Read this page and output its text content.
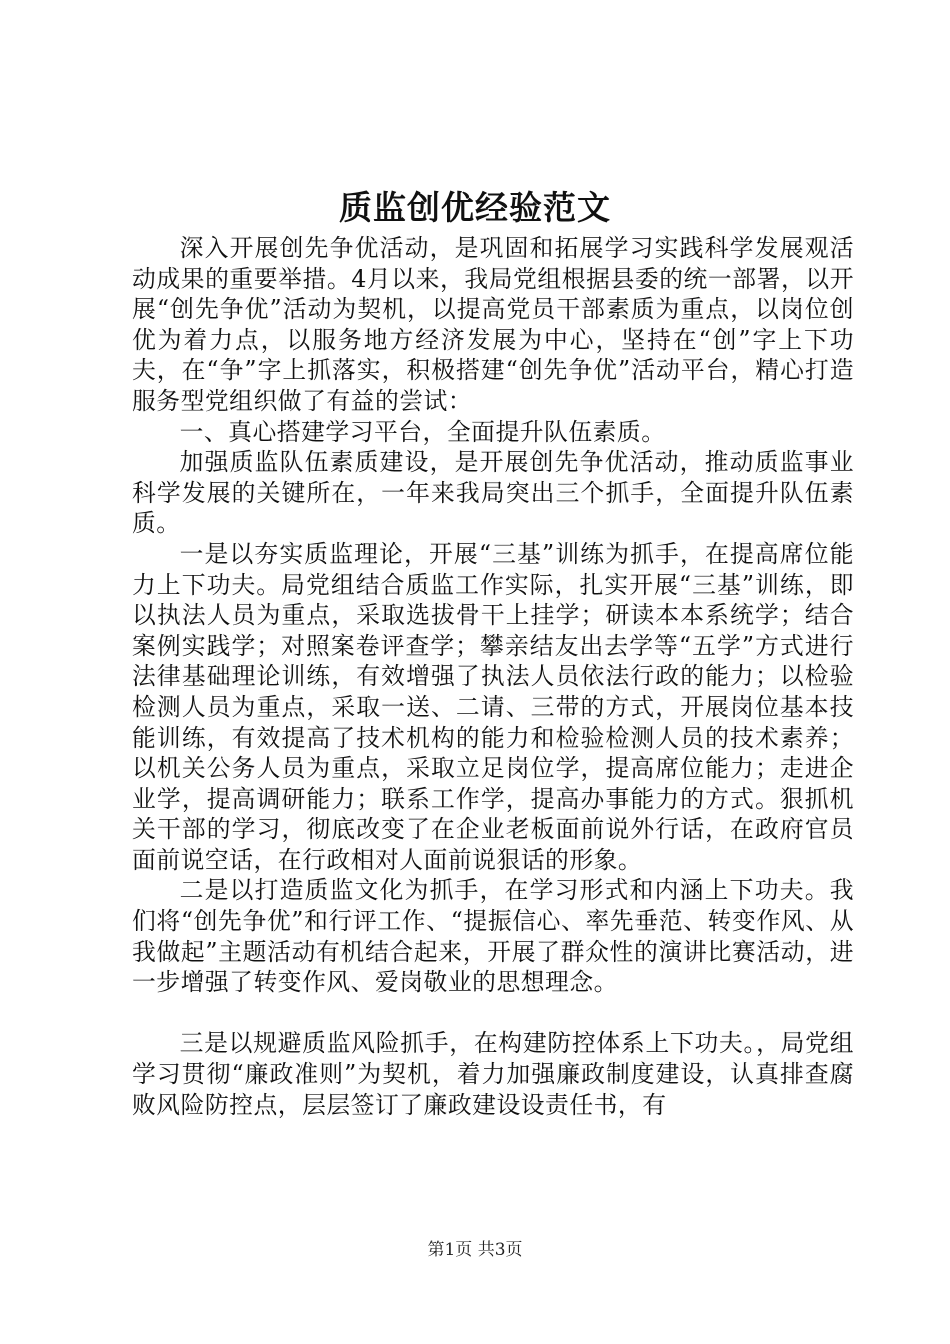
质监创优经验范文

深入开展创先争优活动，是巩固和拓展学习实践科学发展观活动成果的重要举措。4月以来，我局党组根据县委的统一部署，以开展“创先争优”活动为契机，以提高党员干部素质为重点，以岗位创优为着力点，以服务地方经济发展为中心，坚持在“创”字上下功夫，在“争”字上抓落实，积极搭建“创先争优”活动平台，精心打造服务型党组织做了有益的尝试：

一、真心搭建学习平台，全面提升队伍素质。

加强质监队伍素质建设，是开展创先争优活动，推动质监事业科学发展的关键所在，一年来我局突出三个抓手，全面提升队伍素质。

一是以夯实质监理论，开展“三基”训练为抓手，在提高席位能力上下功夫。局党组结合质监工作实际，扎实开展“三基”训练，即以执法人员为重点，采取选拔骨干上挂学；研读本本系统学；结合案例实践学；对照案卷评查学；攀亲结友出去学等“五学”方式进行法律基础理论训练，有效增强了执法人员依法行政的能力；以检验检测人员为重点，采取一送、二请、三带的方式，开展岗位基本技能训练，有效提高了技术机构的能力和检验检测人员的技术素养；以机关公务人员为重点，采取立足岗位学，提高席位能力；走进企业学，提高调研能力；联系工作学，提高办事能力的方式。狠抓机关干部的学习，彻底改变了在企业老板面前说外行话，在政府官员面前说空话，在行政相对人面前说狠话的形象。

二是以打造质监文化为抓手，在学习形式和内涵上下功夫。我们将“创先争优”和行评工作、“提振信心、率先垂范、转变作风、从我做起”主题活动有机结合起来，开展了群众性的演讲比赛活动，进一步增强了转变作风、爱岗敬业的思想理念。

三是以规避质监风险抓手，在构建防控体系上下功夫。，局党组学习贯彻“廉政准则”为契机，着力加强廉政制度建设，认真排查腐败风险防控点，层层签订了廉政建设设责任书，有

第1页 共3页
